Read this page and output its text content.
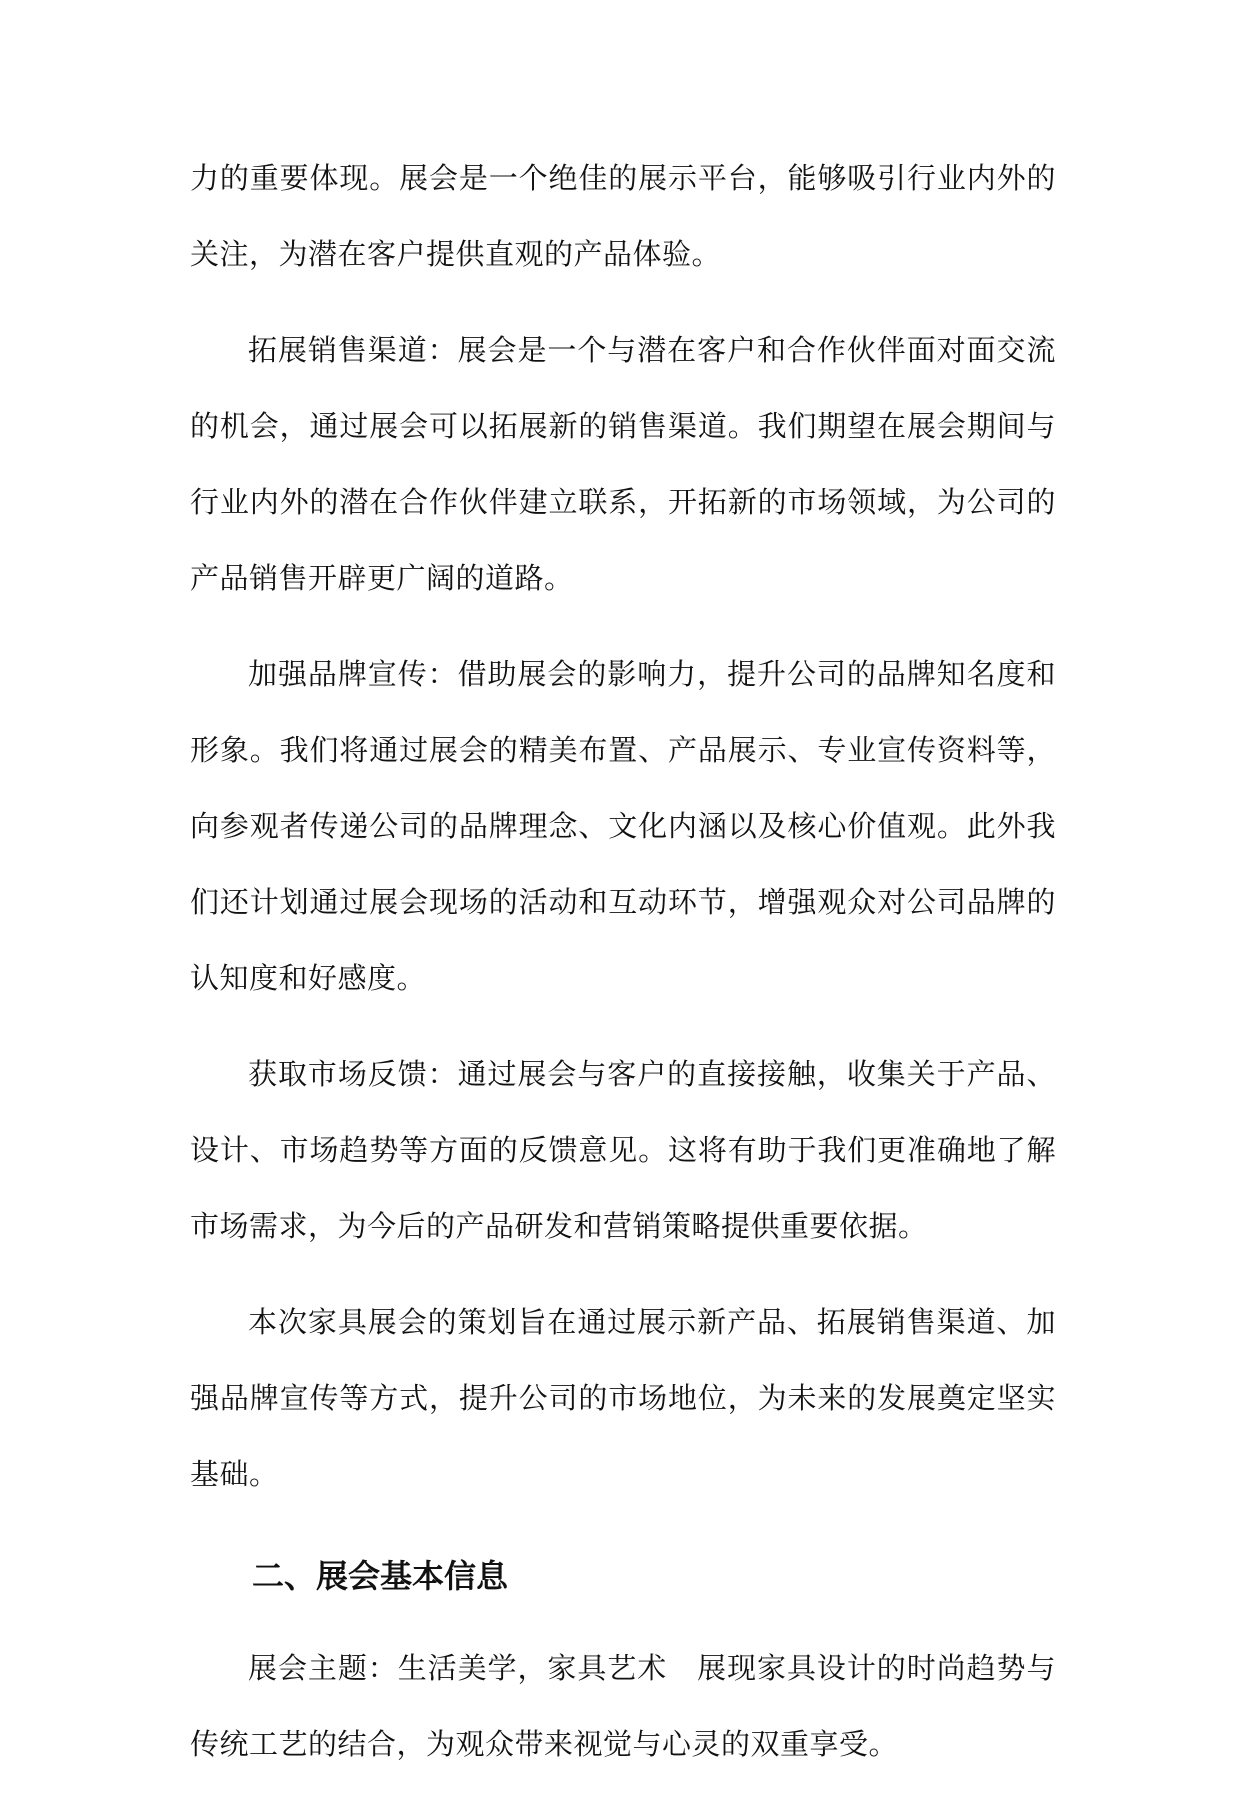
力的重要体现。展会是一个绝佳的展示平台，能够吸引行业内外的关注，为潜在客户提供直观的产品体验。

拓展销售渠道：展会是一个与潜在客户和合作伙伴面对面交流的机会，通过展会可以拓展新的销售渠道。我们期望在展会期间与行业内外的潜在合作伙伴建立联系，开拓新的市场领域，为公司的产品销售开辟更广阔的道路。

加强品牌宣传：借助展会的影响力，提升公司的品牌知名度和形象。我们将通过展会的精美布置、产品展示、专业宣传资料等，向参观者传递公司的品牌理念、文化内涵以及核心价值观。此外我们还计划通过展会现场的活动和互动环节，增强观众对公司品牌的认知度和好感度。

获取市场反馈：通过展会与客户的直接接触，收集关于产品、设计、市场趋势等方面的反馈意见。这将有助于我们更准确地了解市场需求，为今后的产品研发和营销策略提供重要依据。

本次家具展会的策划旨在通过展示新产品、拓展销售渠道、加强品牌宣传等方式，提升公司的市场地位，为未来的发展奠定坚实基础。

二、展会基本信息

展会主题：生活美学，家具艺术　展现家具设计的时尚趋势与传统工艺的结合，为观众带来视觉与心灵的双重享受。
